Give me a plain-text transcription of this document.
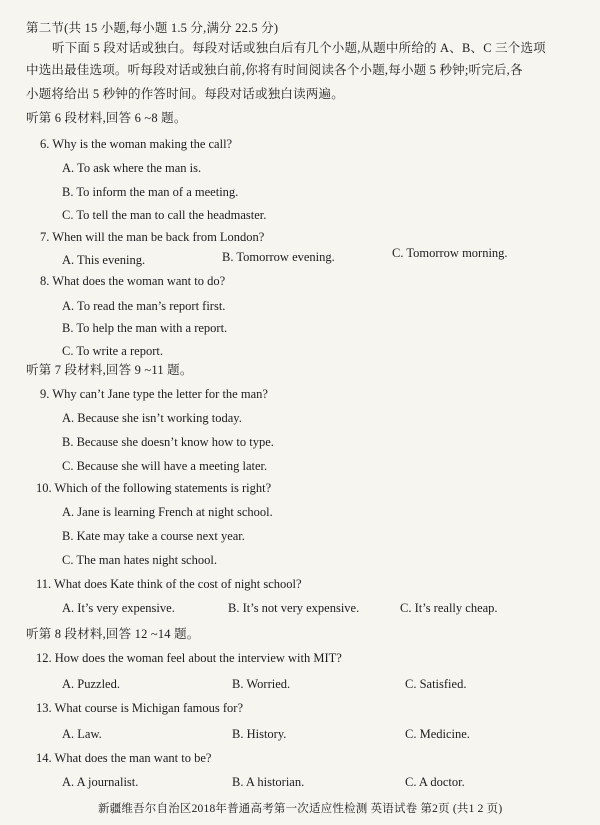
第二节(共 15 小题,每小题 1.5 分,满分 22.5 分)
听下面 5 段对话或独白。每段对话或独白后有几个小题,从题中所给的 A、B、C 三个选项
中选出最佳选项。听每段对话或独白前,你将有时间阅读各个小题,每小题 5 秒钟;听完后,各
小题将给出 5 秒钟的作答时间。每段对话或独白读两遍。
听第 6 段材料,回答 6 ~8 题。
6. Why is the woman making the call?
A. To ask where the man is.
B. To inform the man of a meeting.
C. To tell the man to call the headmaster.
7. When will the man be back from London?
A. This evening.	B. Tomorrow evening.	C. Tomorrow morning.
8. What does the woman want to do?
A. To read the man’s report first.
B. To help the man with a report.
C. To write a report.
听第 7 段材料,回答 9 ~11 题。
9. Why can’t Jane type the letter for the man?
A. Because she isn’t working today.
B. Because she doesn’t know how to type.
C. Because she will have a meeting later.
10. Which of the following statements is right?
A. Jane is learning French at night school.
B. Kate may take a course next year.
C. The man hates night school.
11. What does Kate think of the cost of night school?
A. It’s very expensive.	B. It’s not very expensive.	C. It’s really cheap.
听第 8 段材料,回答 12 ~14 题。
12. How does the woman feel about the interview with MIT?
A. Puzzled.	B. Worried.	C. Satisfied.
13. What course is Michigan famous for?
A. Law.	B. History.	C. Medicine.
14. What does the man want to be?
A. A journalist.	B. A historian.	C. A doctor.
新疆维吾尔自治区2018年普通高考第一次适应性检测 英语试卷 第2页 (共1 2 页)
